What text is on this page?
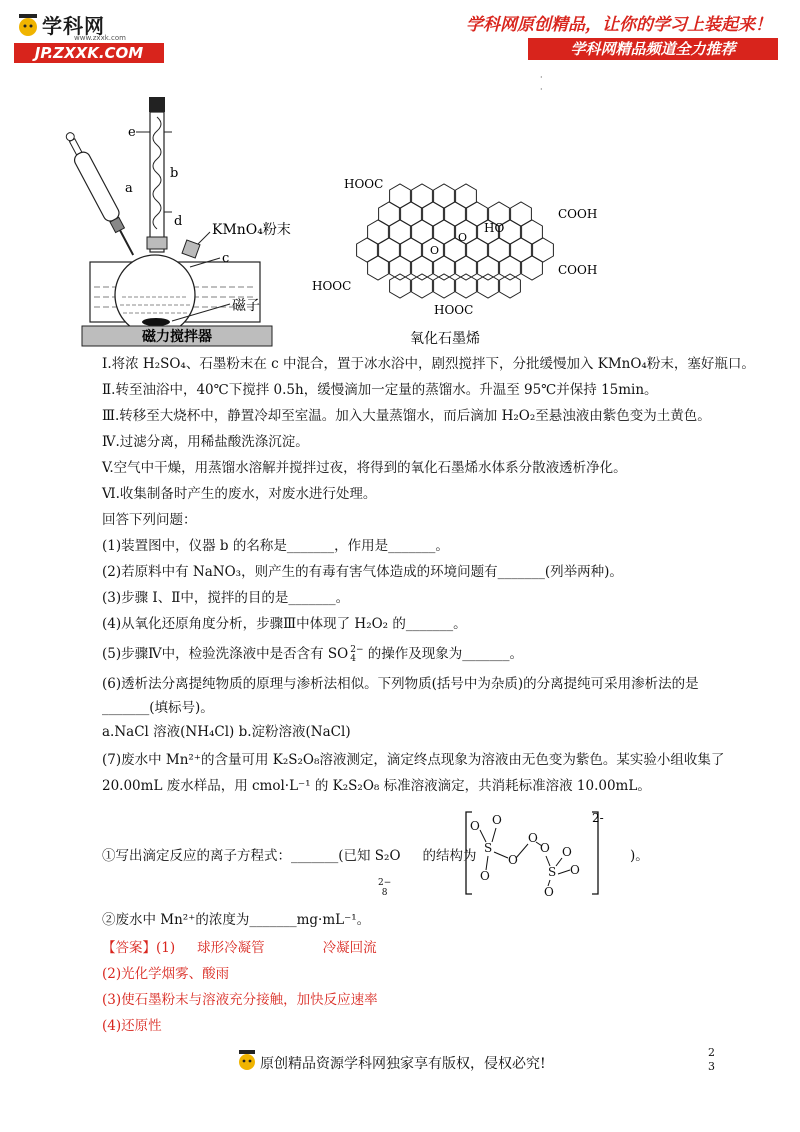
学科网
www.zxxk.com
JP.ZXXK.COM
学科网原创精品，让你的学习上装起来！
学科网精品频道全力推荐
·
·
a
b
e
d
KMnO₄粉末
c
磁子
磁力搅拌器
HOOC
COOH
COOH
HOOC
HOOC
HO
O
O
氧化石墨烯
I.将浓 H₂SO₄、石墨粉末在 c 中混合，置于冰水浴中，剧烈搅拌下，分批缓慢加入 KMnO₄粉末，塞好瓶口。
Ⅱ.转至油浴中，40℃下搅拌 0.5h，缓慢滴加一定量的蒸馏水。升温至 95℃并保持 15min。
Ⅲ.转移至大烧杯中，静置冷却至室温。加入大量蒸馏水，而后滴加 H₂O₂至悬浊液由紫色变为土黄色。
Ⅳ.过滤分离，用稀盐酸洗涤沉淀。
V.空气中干燥，用蒸馏水溶解并搅拌过夜，将得到的氧化石墨烯水体系分散液透析净化。
Ⅵ.收集制备时产生的废水，对废水进行处理。
回答下列问题：
(1)装置图中，仪器 b 的名称是_______，作用是_______。
(2)若原料中有 NaNO₃，则产生的有毒有害气体造成的环境问题有_______(列举两种)。
(3)步骤 I、Ⅱ中，搅拌的目的是_______。
(4)从氧化还原角度分析，步骤Ⅲ中体现了 H₂O₂ 的_______。
(5)步骤Ⅳ中，检验洗涤液中是否含有 SO 2−
4 的操作及现象为_______。
(6)透析法分离提纯物质的原理与渗析法相似。下列物质(括号中为杂质)的分离提纯可采用渗析法的是
_______(填标号)。
a.NaCl 溶液(NH₄Cl) b.淀粉溶液(NaCl)
(7)废水中 Mn²⁺的含量可用 K₂S₂O₈溶液测定，滴定终点现象为溶液由无色变为紫色。某实验小组收集了
20.00mL 废水样品，用 cmol·L⁻¹ 的 K₂S₂O₈ 标准溶液滴定，共消耗标准溶液 10.00mL。
①写出滴定反应的离子方程式：_______(已知 S₂O 的结构为	)。
2−
8
O O
S
O
O
O
O
S O
O
O
2-
②废水中 Mn²⁺的浓度为_______mg·mL⁻¹。
【答案】(1) 球形冷凝管	冷凝回流
(2)光化学烟雾、酸雨
(3)使石墨粉末与溶液充分接触，加快反应速率
(4)还原性
原创精品资源学科网独家享有版权，侵权必究!
2
3
